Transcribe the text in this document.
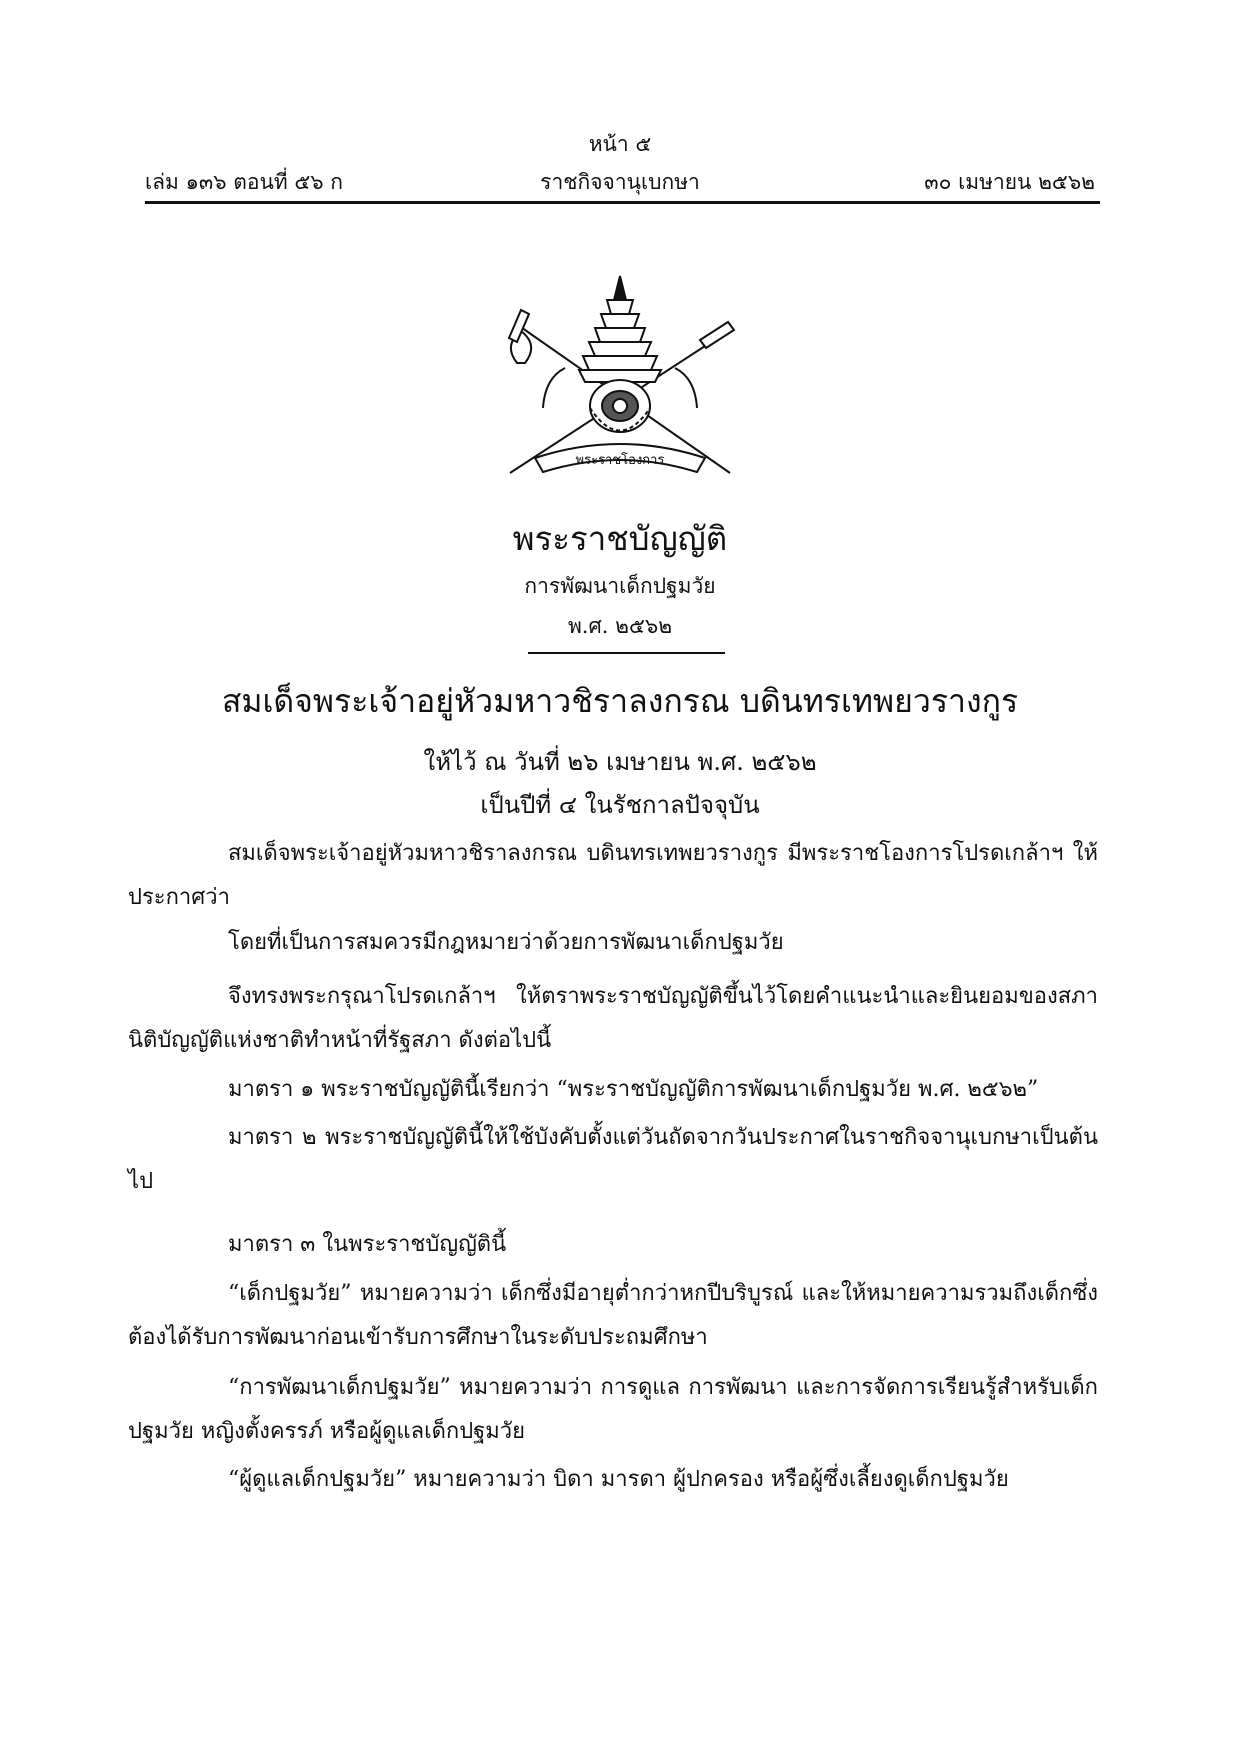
หน้า ๕
เล่ม ๑๓๖ ตอนที่ ๕๖ ก	ราชกิจจานุเบกษา	๓๐ เมษายน ๒๕๖๒
พระราชโองการ
พระราชบัญญัติ
การพัฒนาเด็กปฐมวัย
พ.ศ. ๒๕๖๒
สมเด็จพระเจ้าอยู่หัวมหาวชิราลงกรณ บดินทรเทพยวรางกูร
ให้ไว้ ณ วันที่ ๒๖ เมษายน พ.ศ. ๒๕๖๒
เป็นปีที่ ๔ ในรัชกาลปัจจุบัน
สมเด็จพระเจ้าอยู่หัวมหาวชิราลงกรณ บดินทรเทพยวรางกูร มีพระราชโองการโปรดเกล้าฯ ให้ประกาศว่า
โดยที่เป็นการสมควรมีกฎหมายว่าด้วยการพัฒนาเด็กปฐมวัย
จึงทรงพระกรุณาโปรดเกล้าฯ ให้ตราพระราชบัญญัติขึ้นไว้โดยคำแนะนำและยินยอมของสภานิติบัญญัติแห่งชาติทำหน้าที่รัฐสภา ดังต่อไปนี้
มาตรา ๑ พระราชบัญญัตินี้เรียกว่า “พระราชบัญญัติการพัฒนาเด็กปฐมวัย พ.ศ. ๒๕๖๒”
มาตรา ๒ พระราชบัญญัตินี้ให้ใช้บังคับตั้งแต่วันถัดจากวันประกาศในราชกิจจานุเบกษาเป็นต้นไป
มาตรา ๓ ในพระราชบัญญัตินี้
“เด็กปฐมวัย” หมายความว่า เด็กซึ่งมีอายุต่ำกว่าหกปีบริบูรณ์ และให้หมายความรวมถึงเด็กซึ่งต้องได้รับการพัฒนาก่อนเข้ารับการศึกษาในระดับประถมศึกษา
“การพัฒนาเด็กปฐมวัย” หมายความว่า การดูแล การพัฒนา และการจัดการเรียนรู้สำหรับเด็กปฐมวัย หญิงตั้งครรภ์ หรือผู้ดูแลเด็กปฐมวัย
“ผู้ดูแลเด็กปฐมวัย” หมายความว่า บิดา มารดา ผู้ปกครอง หรือผู้ซึ่งเลี้ยงดูเด็กปฐมวัย
